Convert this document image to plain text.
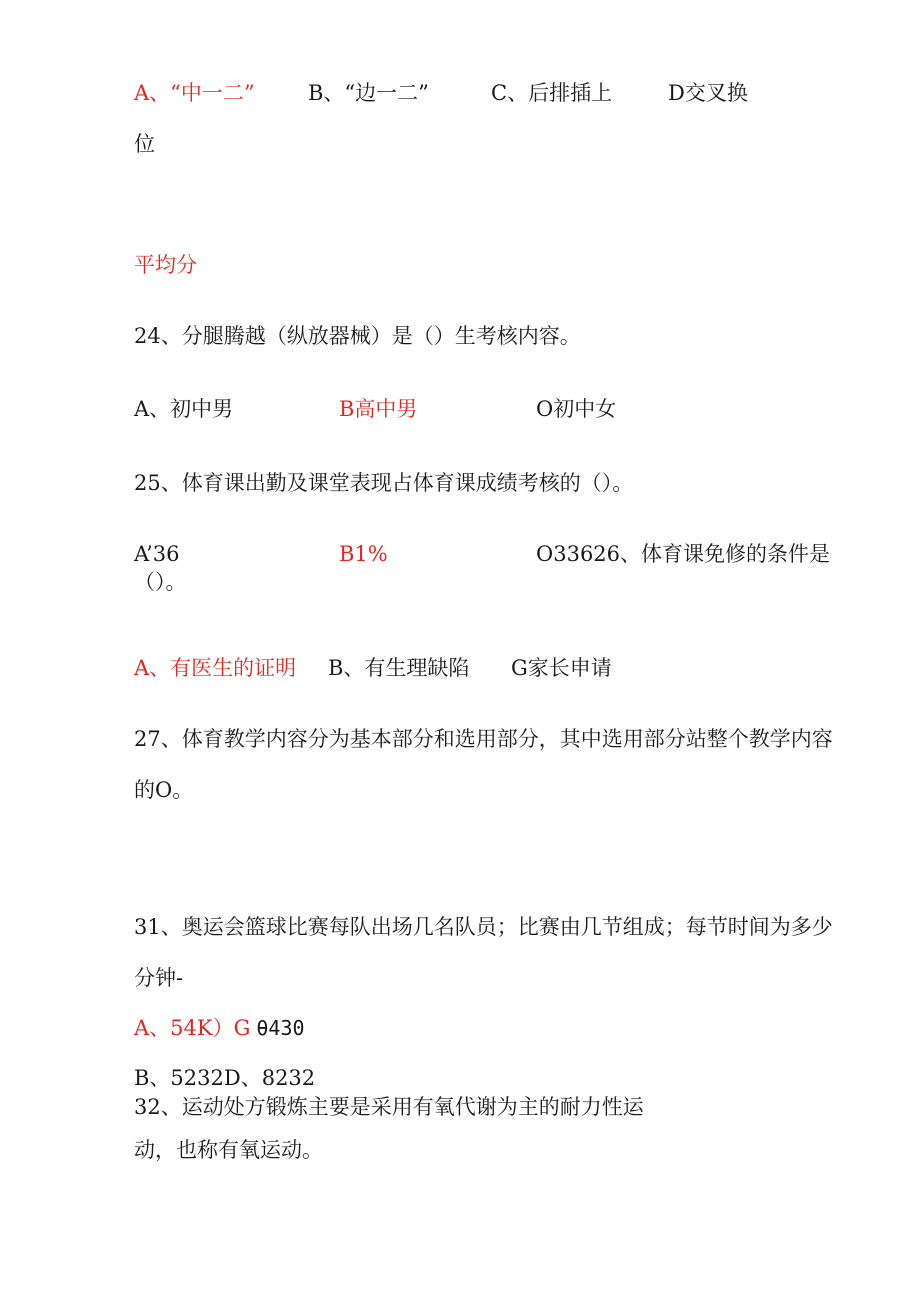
A、“中一二”	B、“边一二”	C、后排插上	D交叉换
位
平均分
24、分腿腾越（纵放器械）是（）生考核内容。
A、初中男	B高中男	O初中女
25、体育课出勤及课堂表现占体育课成绩考核的（）。
A’36	B1%	O33626、体育课免修的条件是
（）。
A、有医生的证明 B、有生理缺陷 G家长申请
27、体育教学内容分为基本部分和选用部分，其中选用部分站整个教学内容
的O。
31、奥运会篮球比赛每队出场几名队员；比赛由几节组成；每节时间为多少
分钟-
A、54K）G θ430
B、5232D、8232
32、运动处方锻炼主要是采用有氧代谢为主的耐力性运
动，也称有氧运动。
